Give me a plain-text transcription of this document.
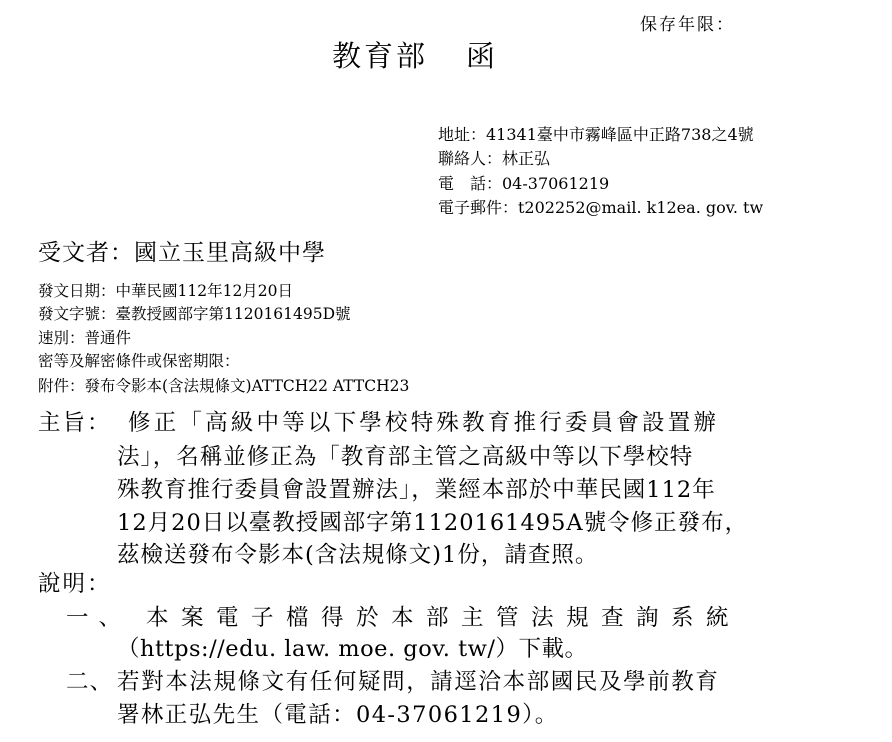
保存年限：
教育部 函
地址：41341臺中市霧峰區中正路738之4號
聯絡人：林正弘
電　話：04-37061219
電子郵件：t202252@mail. k12ea. gov. tw
受文者：國立玉里高級中學
發文日期：中華民國112年12月20日
發文字號：臺教授國部字第1120161495D號
速別：普通件
密等及解密條件或保密期限：
附件：發布令影本(含法規條文)ATTCH22 ATTCH23
主旨： 修正「高級中等以下學校特殊教育推行委員會設置辦
法」，名稱並修正為「教育部主管之高級中等以下學校特
殊教育推行委員會設置辦法」，業經本部於中華民國112年
12月20日以臺教授國部字第1120161495A號令修正發布，
茲檢送發布令影本(含法規條文)1份，請查照。
說明：
一、 本案電子檔得於本部主管法規查詢系統
（https://edu. law. moe. gov. tw/）下載。
二、 若對本法規條文有任何疑問，請逕洽本部國民及學前教育
署林正弘先生（電話：04-37061219）。
